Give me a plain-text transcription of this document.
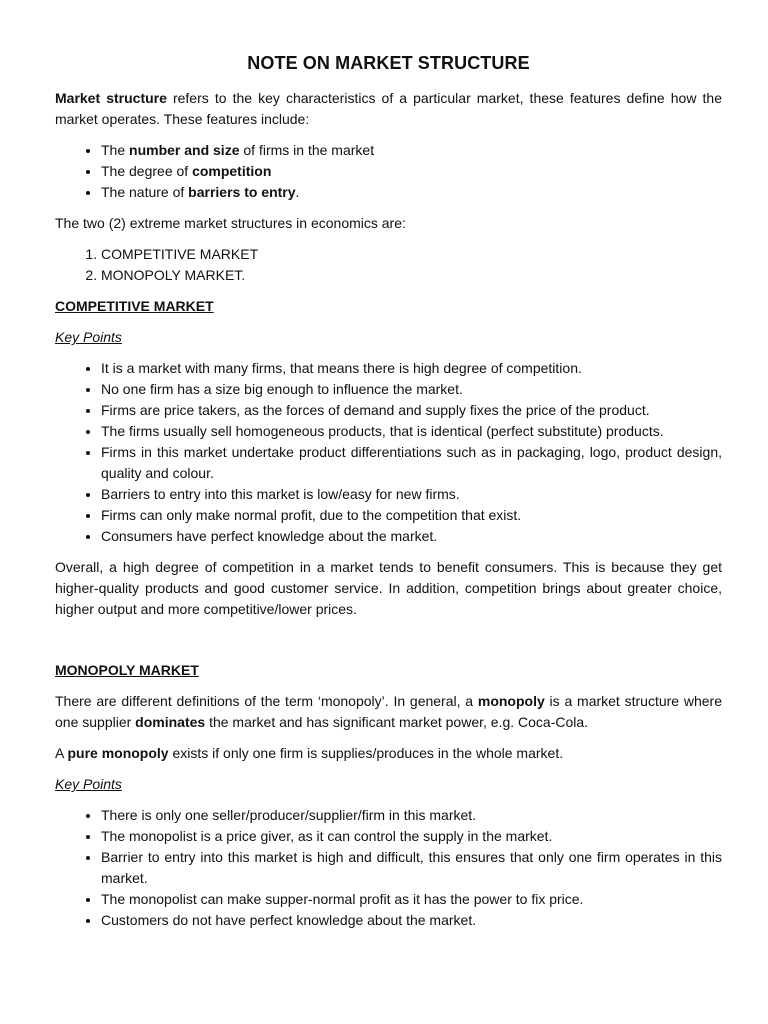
NOTE ON MARKET STRUCTURE

Market structure refers to the key characteristics of a particular market, these features define how the market operates. These features include:

• The number and size of firms in the market
• The degree of competition
• The nature of barriers to entry.

The two (2) extreme market structures in economics are:

1. COMPETITIVE MARKET
2. MONOPOLY MARKET.
COMPETITIVE MARKET
Key Points
• It is a market with many firms, that means there is high degree of competition.
• No one firm has a size big enough to influence the market.
• Firms are price takers, as the forces of demand and supply fixes the price of the product.
• The firms usually sell homogeneous products, that is identical (perfect substitute) products.
• Firms in this market undertake product differentiations such as in packaging, logo, product design, quality and colour.
• Barriers to entry into this market is low/easy for new firms.
• Firms can only make normal profit, due to the competition that exist.
• Consumers have perfect knowledge about the market.

Overall, a high degree of competition in a market tends to benefit consumers. This is because they get higher-quality products and good customer service. In addition, competition brings about greater choice, higher output and more competitive/lower prices.

MONOPOLY MARKET

There are different definitions of the term ‘monopoly’. In general, a monopoly is a market structure where one supplier dominates the market and has significant market power, e.g. Coca-Cola.

A pure monopoly exists if only one firm is supplies/produces in the whole market.

Key Points
• There is only one seller/producer/supplier/firm in this market.
• The monopolist is a price giver, as it can control the supply in the market.
• Barrier to entry into this market is high and difficult, this ensures that only one firm operates in this market.
• The monopolist can make supper-normal profit as it has the power to fix price.
• Customers do not have perfect knowledge about the market.
